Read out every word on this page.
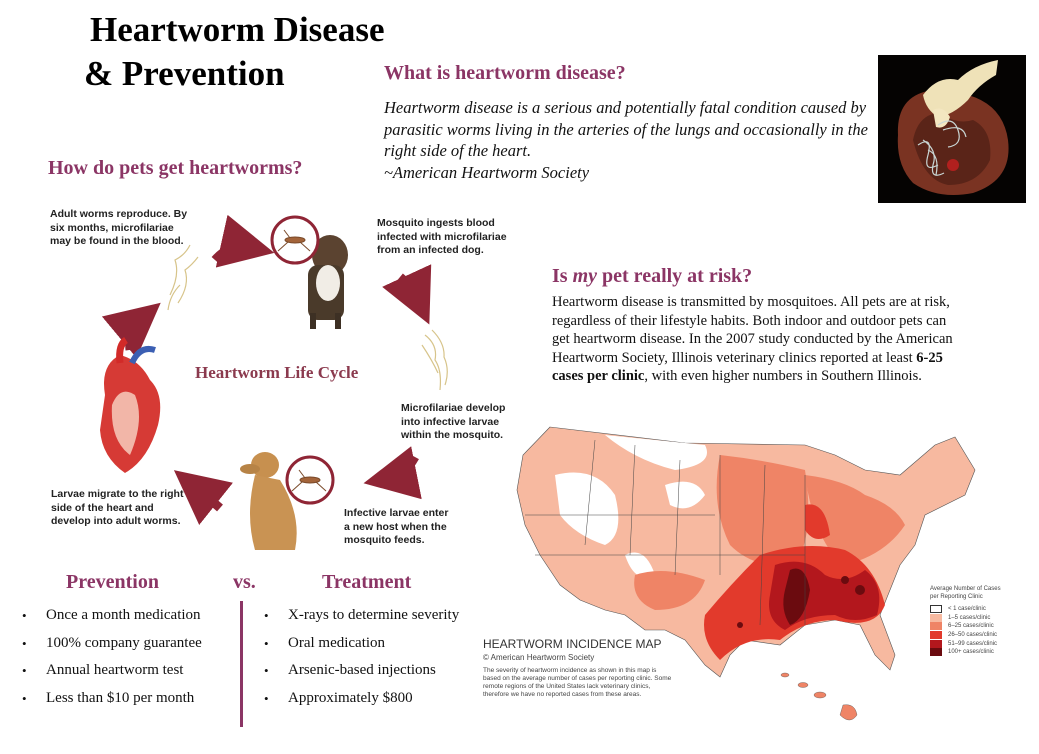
Heartworm Disease
& Prevention	What is heartworm disease?
Heartworm disease is a serious and potentially fatal condition caused by parasitic worms living in the arteries of the lungs and occasionally in the right side of the heart.
~American Heartworm Society
How do pets get heartworms?
Heartworm Life Cycle
Adult worms reproduce. By six months, microfilariae may be found in the blood.
Mosquito ingests blood infected with microfilariae from an infected dog.
Microfilariae develop into infective larvae within the mosquito.
Infective larvae enter a new host when the mosquito feeds.
Larvae migrate to the right side of the heart and develop into adult worms.
Is my pet really at risk?
Heartworm disease is transmitted by mosquitoes. All pets are at risk, regardless of their lifestyle habits. Both indoor and outdoor pets can get heartworm disease. In the 2007 study conducted by the American Heartworm Society, Illinois veterinary clinics reported at least 6-25 cases per clinic, with even higher numbers in Southern Illinois.
HEARTWORM INCIDENCE MAP
© American Heartworm Society
The severity of heartworm incidence as shown in this map is based on the average number of cases per reporting clinic. Some remote regions of the United States lack veterinary clinics, therefore we have no reported cases from these areas.
Average Number of Cases per Reporting Clinic
< 1 case/clinic
1–5 cases/clinic
6–25 cases/clinic
26–50 cases/clinic
51–99 cases/clinic
100+ cases/clinic
Prevention	vs.	Treatment
• Once a month medication
• 100% company guarantee
• Annual heartworm test
• Less than $10 per month
• X-rays to determine severity
• Oral medication
• Arsenic-based injections
• Approximately $800
